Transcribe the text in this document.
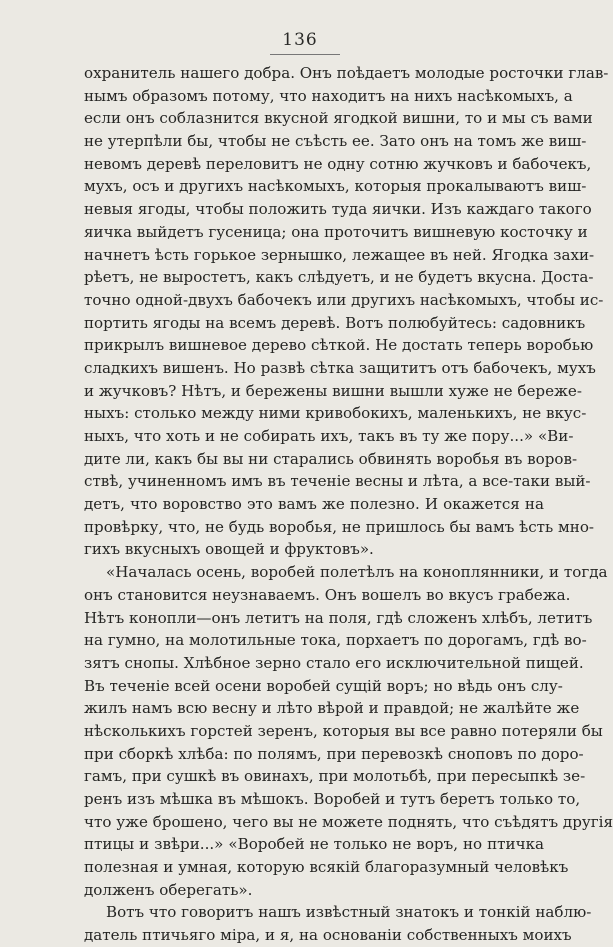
136
охранитель нашего добра. Онъ поѣдаетъ молодые росточки глав-
нымъ образомъ потому, что находитъ на нихъ насѣкомыхъ, а
если онъ соблазнится вкусной ягодкой вишни, то и мы съ вами
не утерпѣли бы, чтобы не съѣсть ее. Зато онъ на томъ же виш-
невомъ деревѣ переловитъ не одну сотню жучковъ и бабочекъ,
мухъ, осъ и другихъ насѣкомыхъ, которыя прокалываютъ виш-
невыя ягоды, чтобы положить туда яички. Изъ каждаго такого
яичка выйдетъ гусеница; она проточитъ вишневую косточку и
начнетъ ѣсть горькое зернышко, лежащее въ ней. Ягодка захи-
рѣетъ, не выростетъ, какъ слѣдуетъ, и не будетъ вкусна. Доста-
точно одной-двухъ бабочекъ или другихъ насѣкомыхъ, чтобы ис-
портить ягоды на всемъ деревѣ. Вотъ полюбуйтесь: садовникъ
прикрылъ вишневое дерево сѣткой. Не достать теперь воробью
сладкихъ вишенъ. Но развѣ сѣтка защититъ отъ бабочекъ, мухъ
и жучковъ? Нѣтъ, и бережены вишни вышли хуже не береже-
ныхъ: столько между ними кривобокихъ, маленькихъ, не вкус-
ныхъ, что хоть и не собирать ихъ, такъ въ ту же пору...» «Ви-
дите ли, какъ бы вы ни старались обвинять воробья въ воров-
ствѣ, учиненномъ имъ въ теченіе весны и лѣта, а все-таки вый-
детъ, что воровство это вамъ же полезно. И окажется на
провѣрку, что, не будь воробья, не пришлось бы вамъ ѣсть мно-
гихъ вкусныхъ овощей и фруктовъ».
«Началась осень, воробей полетѣлъ на коноплянники, и тогда
онъ становится неузнаваемъ. Онъ вошелъ во вкусъ грабежа.
Нѣтъ конопли—онъ летитъ на поля, гдѣ сложенъ хлѣбъ, летитъ
на гумно, на молотильные тока, порхаетъ по дорогамъ, гдѣ во-
зятъ снопы. Хлѣбное зерно стало его исключительной пищей.
Въ теченіе всей осени воробей сущій воръ; но вѣдь онъ слу-
жилъ намъ всю весну и лѣто вѣрой и правдой; не жалѣйте же
нѣсколькихъ горстей зеренъ, которыя вы все равно потеряли бы
при сборкѣ хлѣба: по полямъ, при перевозкѣ сноповъ по доро-
гамъ, при сушкѣ въ овинахъ, при молотьбѣ, при пересыпкѣ зе-
ренъ изъ мѣшка въ мѣшокъ. Воробей и тутъ беретъ только то,
что уже брошено, чего вы не можете поднять, что съѣдятъ другія
птицы и звѣри...» «Воробей не только не воръ, но птичка
полезная и умная, которую всякій благоразумный человѣкъ
долженъ оберегать».
Вотъ что говоритъ нашъ извѣстный знатокъ и тонкій наблю-
датель птичьяго міра, и я, на основаніи собственныхъ моихъ
